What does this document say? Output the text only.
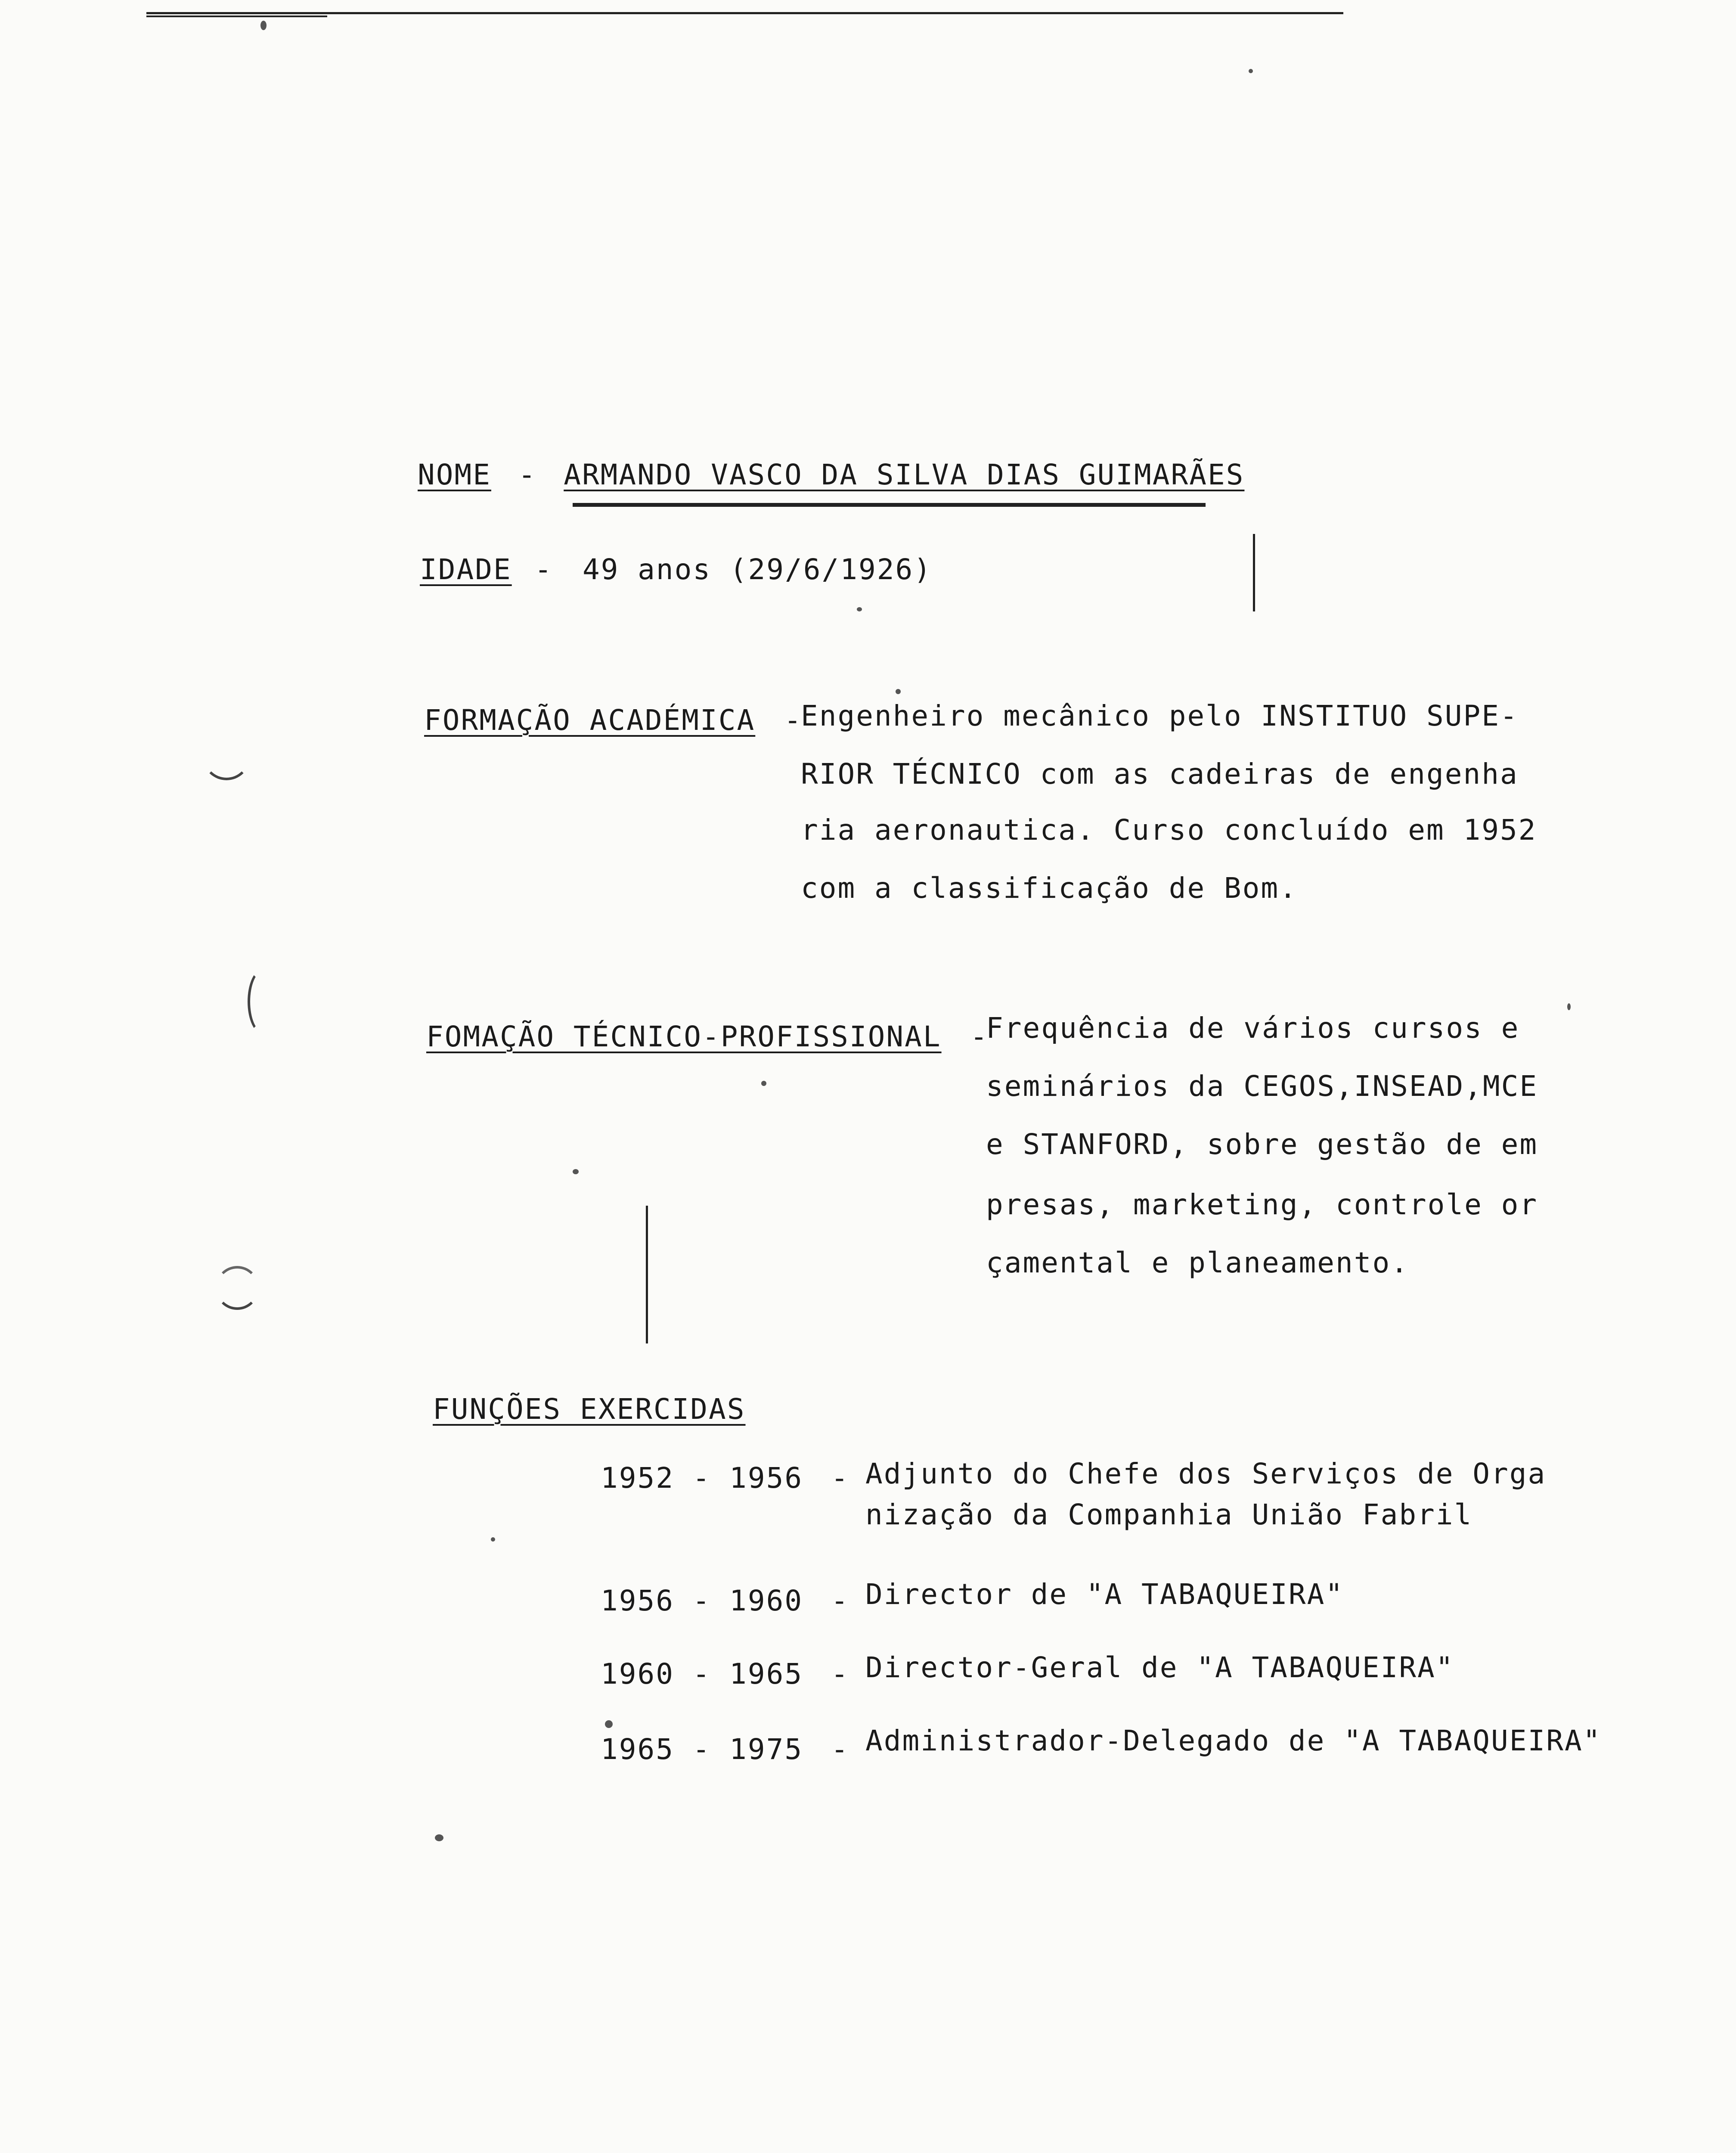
NOME - ARMANDO VASCO DA SILVA DIAS GUIMARÃES
IDADE - 49 anos (29/6/1926)
FORMAÇÃO ACADÉMICA -
Engenheiro mecânico pelo INSTITUO SUPE-
RIOR TÉCNICO com as cadeiras de engenha
ria aeronautica. Curso concluído em 1952
com a classificação de Bom.
FOMAÇÃO TÉCNICO-PROFISSIONAL -
Frequência de vários cursos e
seminários da CEGOS,INSEAD,MCE
e STANFORD, sobre gestão de em
presas, marketing, controle or
çamental e planeamento.
FUNÇÕES EXERCIDAS
1952 - 1956 - Adjunto do Chefe dos Serviços de Orga
nização da Companhia União Fabril
1956 - 1960 - Director de "A TABAQUEIRA"
1960 - 1965 - Director-Geral de "A TABAQUEIRA"
1965 - 1975 - Administrador-Delegado de "A TABAQUEIRA"
